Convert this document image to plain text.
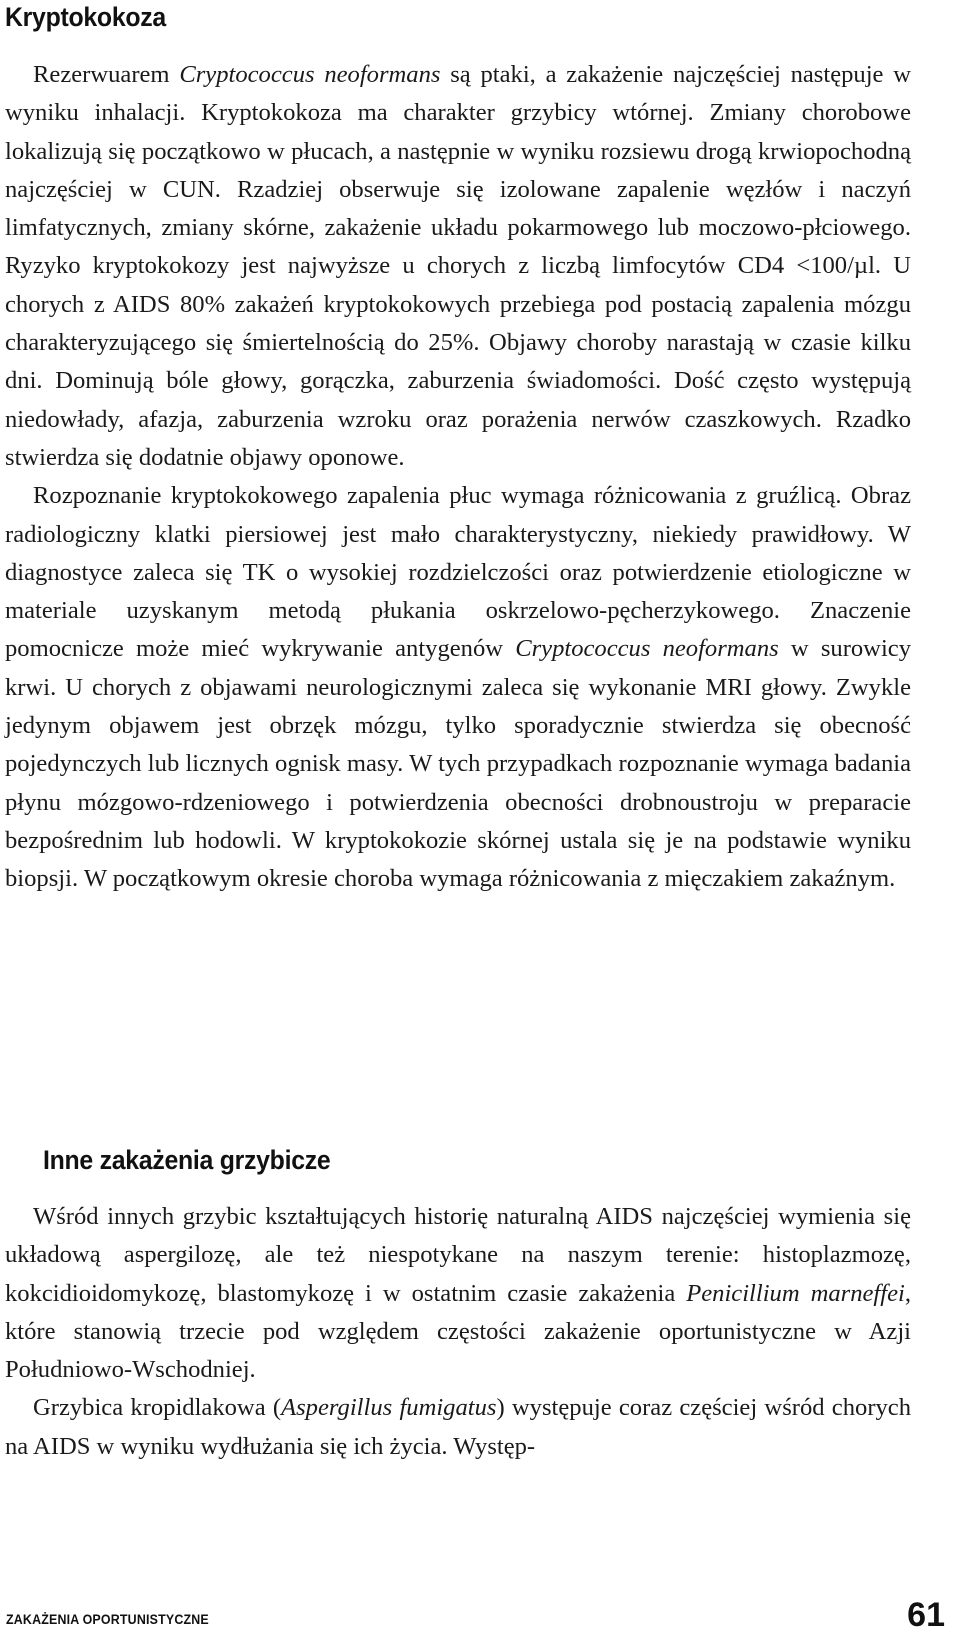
Kryptokokoza

Rezerwuarem Cryptococcus neoformans są ptaki, a zakażenie najczęściej następuje w wyniku inhalacji. Kryptokokoza ma charakter grzybicy wtórnej. Zmiany chorobowe lokalizują się początkowo w płucach, a następnie w wyniku rozsiewu drogą krwiopochodną najczęściej w CUN. Rzadziej obserwuje się izolowane zapalenie węzłów i naczyń limfatycznych, zmiany skórne, zakażenie układu pokarmowego lub moczowo-płciowego. Ryzyko kryptokokozy jest najwyższe u chorych z liczbą limfocytów CD4 <100/µl. U chorych z AIDS 80% zakażeń kryptokokowych przebiega pod postacią zapalenia mózgu charakteryzującego się śmiertelnością do 25%. Objawy choroby narastają w czasie kilku dni. Dominują bóle głowy, gorączka, zaburzenia świadomości. Dość często występują niedowłady, afazja, zaburzenia wzroku oraz porażenia nerwów czaszkowych. Rzadko stwierdza się dodatnie objawy oponowe.

Rozpoznanie kryptokokowego zapalenia płuc wymaga różnicowania z gruźlicą. Obraz radiologiczny klatki piersiowej jest mało charakterystyczny, niekiedy prawidłowy. W diagnostyce zaleca się TK o wysokiej rozdzielczości oraz potwierdzenie etiologiczne w materiale uzyskanym metodą płukania oskrzelowo-pęcherzykowego. Znaczenie pomocnicze może mieć wykrywanie antygenów Cryptococcus neoformans w surowicy krwi. U chorych z objawami neurologicznymi zaleca się wykonanie MRI głowy. Zwykle jedynym objawem jest obrzęk mózgu, tylko sporadycznie stwierdza się obecność pojedynczych lub licznych ognisk masy. W tych przypadkach rozpoznanie wymaga badania płynu mózgowo-rdzeniowego i potwierdzenia obecności drobnoustroju w preparacie bezpośrednim lub hodowli. W kryptokokozie skórnej ustala się je na podstawie wyniku biopsji. W początkowym okresie choroba wymaga różnicowania z mięczakiem zakaźnym.

Inne zakażenia grzybicze

Wśród innych grzybic kształtujących historię naturalną AIDS najczęściej wymienia się układową aspergilozę, ale też niespotykane na naszym terenie: histoplazmozę, kokcidioidomykozę, blastomykozę i w ostatnim czasie zakażenia Penicillium marneffei, które stanowią trzecie pod względem częstości zakażenie oportunistyczne w Azji Południowo-Wschodniej.

Grzybica kropidlakowa (Aspergillus fumigatus) występuje coraz częściej wśród chorych na AIDS w wyniku wydłużania się ich życia. Występ-

ZAKAŻENIA OPORTUNISTYCZNE	61
